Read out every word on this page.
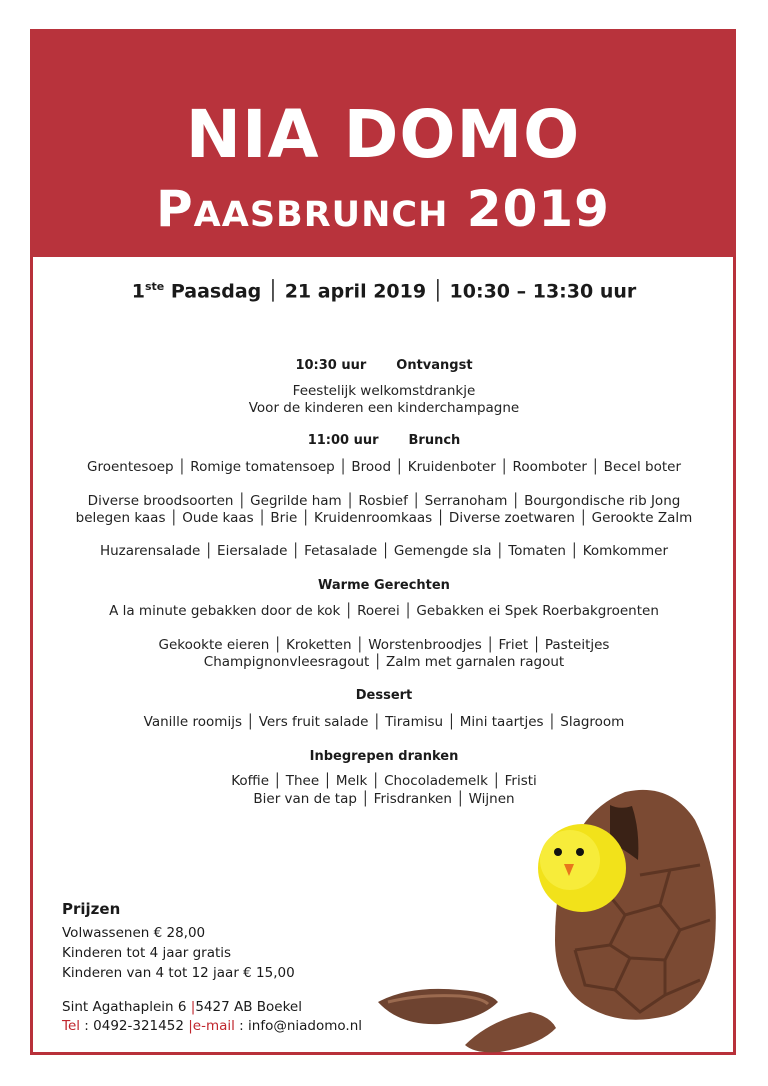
NIA DOMO
Paasbrunch 2019
1ste Paasdag │ 21 april 2019 │ 10:30 – 13:30 uur
10:30 uur Ontvangst
Feestelijk welkomstdrankje
Voor de kinderen een kinderchampagne
11:00 uur Brunch
Groentesoep │ Romige tomatensoep │ Brood │ Kruidenboter │ Roomboter │ Becel boter
Diverse broodsoorten │ Gegrilde ham │ Rosbief │ Serranoham │ Bourgondische rib Jong
belegen kaas │ Oude kaas │ Brie │ Kruidenroomkaas │ Diverse zoetwaren │ Gerookte Zalm
Huzarensalade │ Eiersalade │ Fetasalade │ Gemengde sla │ Tomaten │ Komkommer
Warme Gerechten
A la minute gebakken door de kok │ Roerei │ Gebakken ei Spek Roerbakgroenten
Gekookte eieren │ Kroketten │ Worstenbroodjes │ Friet │ Pasteitjes
Champignonvleesragout │ Zalm met garnalen ragout
Dessert
Vanille roomijs │ Vers fruit salade │ Tiramisu │ Mini taartjes │ Slagroom
Inbegrepen dranken
Koffie │ Thee │ Melk │ Chocolademelk │ Fristi
Bier van de tap │ Frisdranken │ Wijnen
Prijzen
Volwassenen € 28,00
Kinderen tot 4 jaar gratis
Kinderen van 4 tot 12 jaar € 15,00
Sint Agathaplein 6 |5427 AB Boekel
Tel : 0492-321452 |e-mail : info@niadomo.nl
